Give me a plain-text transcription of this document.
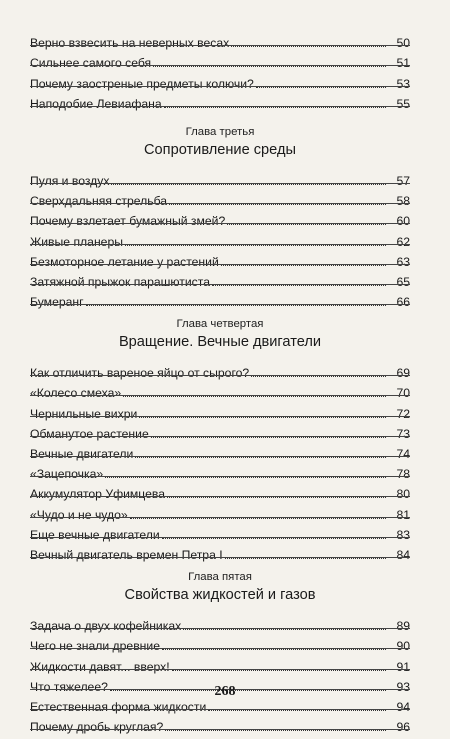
Верно взвесить на неверных весах	50
Сильнее самого себя	51
Почему заостреные предметы колючи?	53
Наподобие Левиафана	55
Глава третья
Сопротивление среды
Пуля и воздух	57
Сверхдальняя стрельба	58
Почему взлетает бумажный змей?	60
Живые планеры	62
Безмоторное летание у растений	63
Затяжной прыжок парашютиста	65
Бумеранг	66
Глава четвертая
Вращение. Вечные двигатели
Как отличить вареное яйцо от сырого?	69
«Колесо смеха»	70
Чернильные вихри	72
Обманутое растение	73
Вечные двигатели	74
«Зацепочка»	78
Аккумулятор Уфимцева	80
«Чудо и не чудо»	81
Еще вечные двигатели	83
Вечный двигатель времен Петра I	84
Глава пятая
Свойства жидкостей и газов
Задача о двух кофейниках	89
Чего не знали древние	90
Жидкости давят... вверх!	91
Что тяжелее?	93
Естественная форма жидкости	94
Почему дробь круглая?	96
268
